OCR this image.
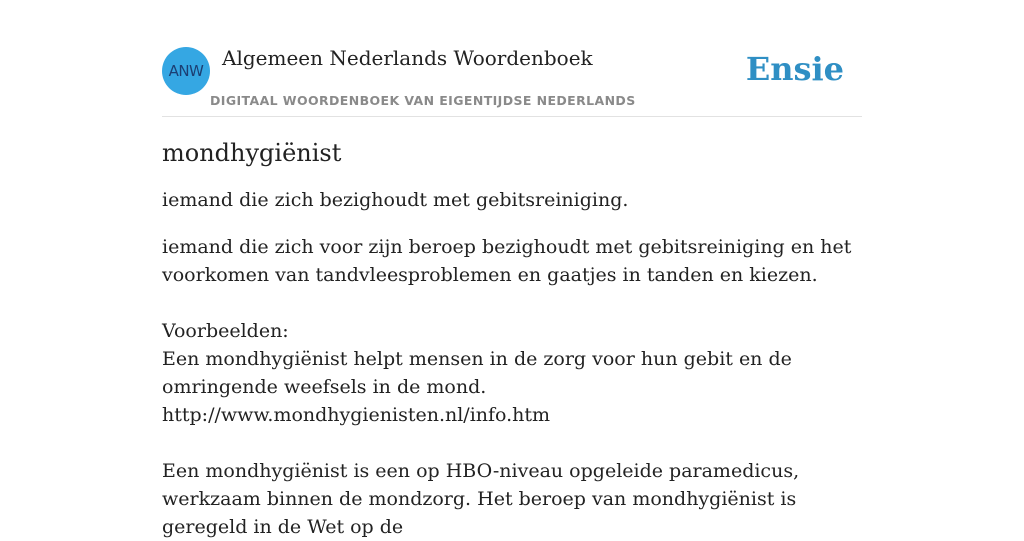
ANW
Algemeen Nederlands Woordenboek
DIGITAAL WOORDENBOEK VAN EIGENTIJDSE NEDERLANDS
Ensie
mondhygiënist

iemand die zich bezighoudt met gebitsreiniging.

iemand die zich voor zijn beroep bezighoudt met gebitsreiniging en het voorkomen van tandvleesproblemen en gaatjes in tanden en kiezen.
Voorbeelden:
Een mondhygiënist helpt mensen in de zorg voor hun gebit en de omringende weefsels in de mond.
http://www.mondhygienisten.nl/info.htm
Een mondhygiënist is een op HBO-niveau opgeleide paramedicus, werkzaam binnen de mondzorg. Het beroep van mondhygiënist is geregeld in de Wet op de
